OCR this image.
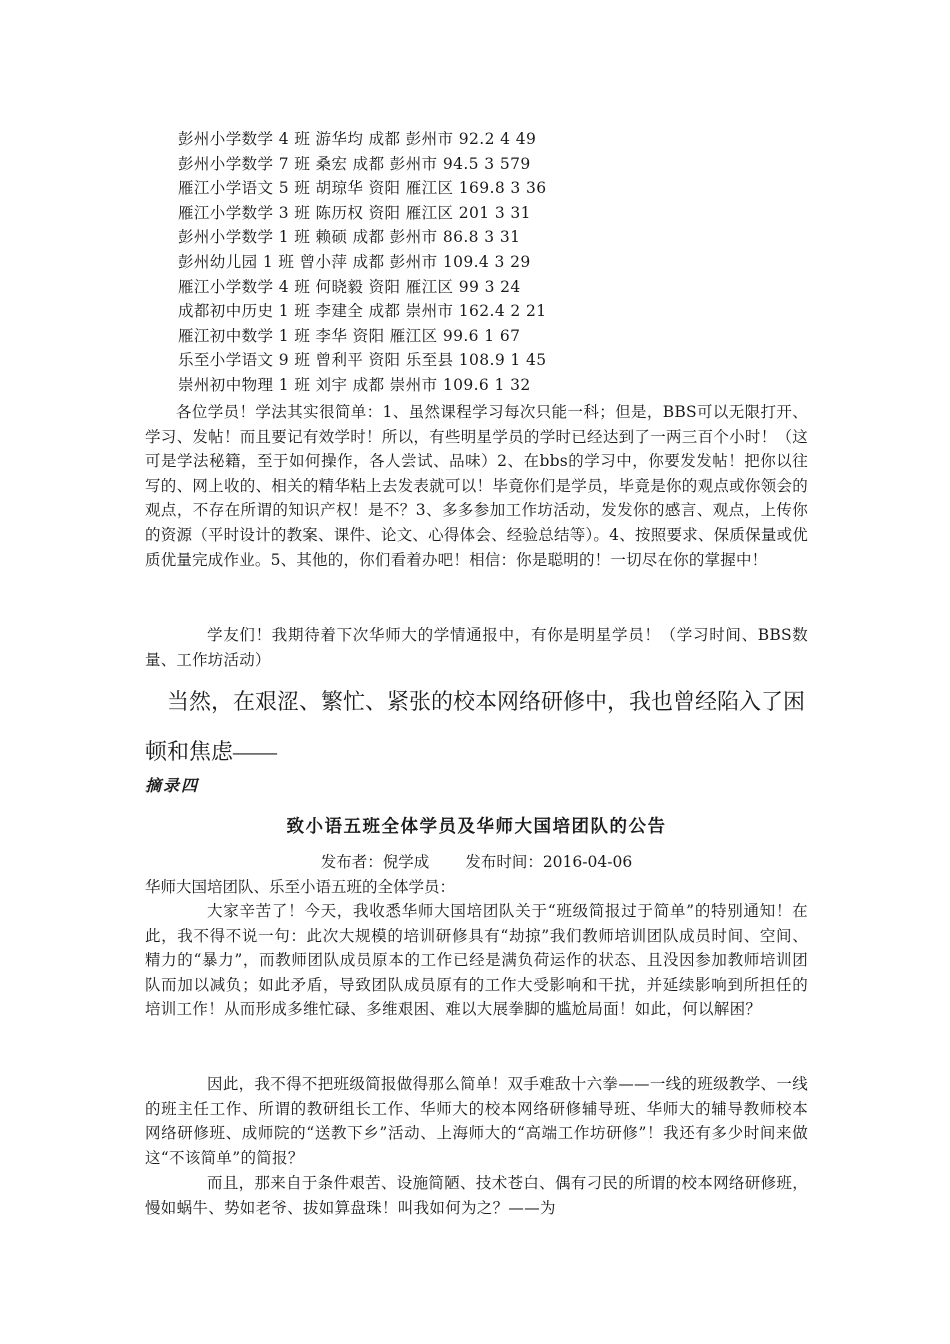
彭州小学数学 4 班 游华均 成都 彭州市 92.2 4 49
彭州小学数学 7 班 桑宏 成都 彭州市 94.5 3 579
雁江小学语文 5 班 胡琼华 资阳 雁江区 169.8 3 36
雁江小学数学 3 班 陈历权 资阳 雁江区 201 3 31
彭州小学数学 1 班 赖硕 成都 彭州市 86.8 3 31
彭州幼儿园 1 班 曾小萍 成都 彭州市 109.4 3 29
雁江小学数学 4 班 何晓毅 资阳 雁江区 99 3 24
成都初中历史 1 班 李建全 成都 崇州市 162.4 2 21
雁江初中数学 1 班 李华 资阳 雁江区 99.6 1 67
乐至小学语文 9 班 曾利平 资阳 乐至县 108.9 1 45
崇州初中物理 1 班 刘宇 成都 崇州市 109.6 1 32
各位学员！学法其实很简单：1、虽然课程学习每次只能一科；但是，BBS可以无限打开、学习、发帖！而且要记有效学时！所以，有些明星学员的学时已经达到了一两三百个小时！（这可是学法秘籍，至于如何操作，各人尝试、品味）2、在bbs的学习中，你要发发帖！把你以往写的、网上收的、相关的精华粘上去发表就可以！毕竟你们是学员，毕竟是你的观点或你领会的观点，不存在所谓的知识产权！是不？3、多多参加工作坊活动，发发你的感言、观点，上传你的资源（平时设计的教案、课件、论文、心得体会、经验总结等）。4、按照要求、保质保量或优质优量完成作业。5、其他的，你们看着办吧！相信：你是聪明的！一切尽在你的掌握中！
学友们！我期待着下次华师大的学情通报中，有你是明星学员！（学习时间、BBS数量、工作坊活动）
当然，在艰涩、繁忙、紧张的校本网络研修中，我也曾经陷入了困顿和焦虑——
摘录四
致小语五班全体学员及华师大国培团队的公告
发布者：倪学成 发布时间：2016-04-06
华师大国培团队、乐至小语五班的全体学员：
大家辛苦了！今天，我收悉华师大国培团队关于“班级简报过于简单”的特别通知！在此，我不得不说一句：此次大规模的培训研修具有“劫掠”我们教师培训团队成员时间、空间、精力的“暴力”，而教师团队成员原本的工作已经是满负荷运作的状态、且没因参加教师培训团队而加以减负；如此矛盾，导致团队成员原有的工作大受影响和干扰，并延续影响到所担任的培训工作！从而形成多维忙碌、多维艰困、难以大展拳脚的尴尬局面！如此，何以解困？
因此，我不得不把班级简报做得那么简单！双手难敌十六拳——一线的班级教学、一线的班主任工作、所谓的教研组长工作、华师大的校本网络研修辅导班、华师大的辅导教师校本网络研修班、成师院的“送教下乡”活动、上海师大的“高端工作坊研修”！我还有多少时间来做这“不该简单”的简报？
而且，那来自于条件艰苦、设施简陋、技术苍白、偶有刁民的所谓的校本网络研修班，慢如蜗牛、势如老爷、拔如算盘珠！叫我如何为之？——为
